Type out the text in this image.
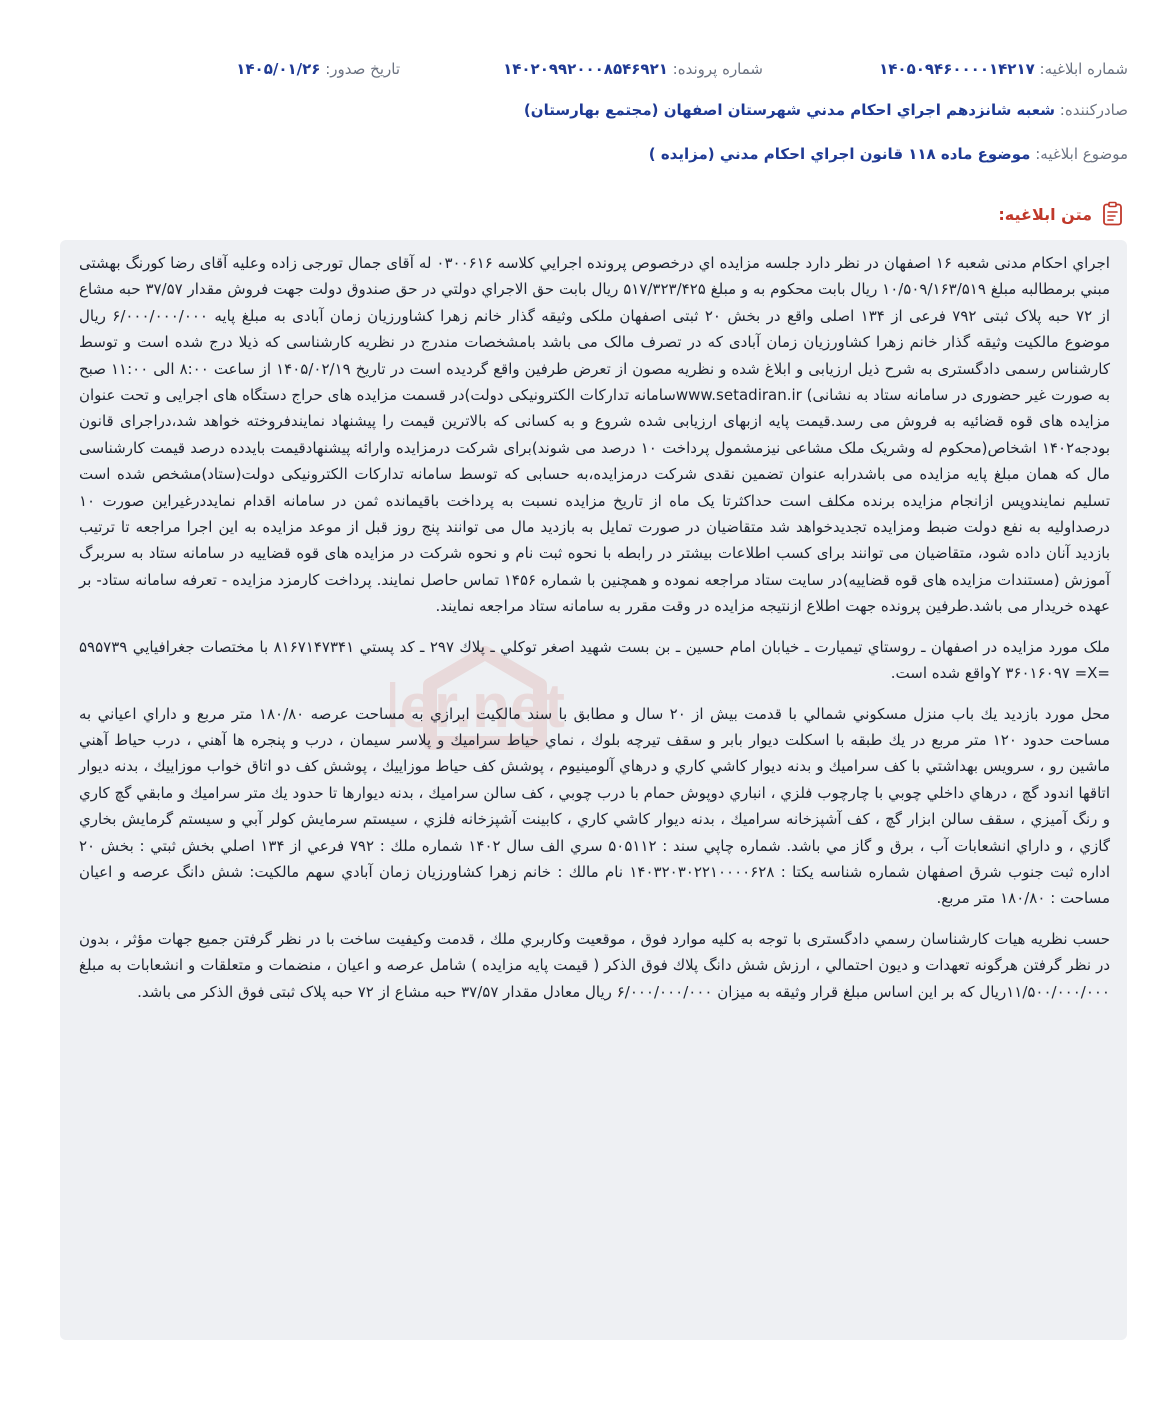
شماره ابلاغيه: ۱۴۰۵۰۹۴۶۰۰۰۰۱۴۲۱۷
شماره پرونده: ۱۴۰۲۰۹۹۲۰۰۰۸۵۴۶۹۲۱
تاريخ صدور: ۱۴۰۵/۰۱/۲۶
صادرکننده: شعبه شانزدهم اجراي احكام مدني شهرستان اصفهان (مجتمع بهارستان)
موضوع ابلاغيه: موضوع ماده ۱۱۸ قانون اجراي احكام مدني (مزايده )
متن ابلاغيه:
er.net

اجراي احكام مدنی شعبه ۱۶ اصفهان در نظر دارد جلسه مزايده اي درخصوص پرونده اجرايي كلاسه ۰۳۰۰۶۱۶ له آقای جمال تورجی زاده وعليه آقای رضا کورنگ بهشتی مبني برمطالبه مبلغ ۱۰/۵۰۹/۱۶۳/۵۱۹ ريال بابت محكوم به و مبلغ ۵۱۷/۳۲۳/۴۲۵ ريال بابت حق الاجراي دولتي در حق صندوق دولت جهت فروش مقدار ۳۷/۵۷ حبه مشاع از ۷۲ حبه پلاک ثبتی ۷۹۲ فرعی از ۱۳۴ اصلی واقع در بخش ۲۰ ثبتی اصفهان ملکی وثیقه گذار خانم زهرا کشاورزیان زمان آبادی به مبلغ پایه ۶/۰۰۰/۰۰۰/۰۰۰ ريال موضوع مالکیت وثیقه گذار خانم زهرا کشاورزیان زمان آبادی که در تصرف مالک می باشد بامشخصات مندرج در نظریه کارشناسی که ذيلا درج شده است و توسط كارشناس رسمی دادگستری به شرح ذيل ارزيابی و ابلاغ شده و نظريه مصون از تعرض طرفين واقع گرديده است در تاريخ ۱۴۰۵/۰۲/۱۹ از ساعت ۸:۰۰ الی ۱۱:۰۰ صبح به صورت غير حضوری در سامانه ستاد به نشانی) www.setadiran.irسامانه تداركات الكترونيكی دولت)در قسمت مزايده های حراج دستگاه های اجرايی و تحت عنوان مزايده های قوه قضائيه به فروش می رسد.قيمت پايه ازبهای ارزيابی شده شروع و به كسانی كه بالاترين قيمت را پيشنهاد نمايندفروخته خواهد شد،دراجرای قانون بودجه۱۴۰۲ اشخاص(محكوم له وشريک ملک مشاعی نيزمشمول پرداخت ۱۰ درصد می شوند)برای شركت درمزايده وارائه پيشنهادقيمت بايدده درصد قيمت كارشناسی مال كه همان مبلغ پايه مزايده می باشدرابه عنوان تضمين نقدی شركت درمزايده،به حسابی كه توسط سامانه تداركات الكترونيكی دولت(ستاد)مشخص شده است تسليم نمايندوپس ازانجام مزايده برنده مكلف است حداكثرتا يک ماه از تاريخ مزايده نسبت به پرداخت باقيمانده ثمن در سامانه اقدام نمايددرغيراين صورت ۱۰ درصداوليه به نفع دولت ضبط ومزايده تجديدخواهد شد متقاضيان در صورت تمايل به بازديد مال می توانند پنج روز قبل از موعد مزايده به اين اجرا مراجعه تا ترتيب بازديد آنان داده شود، متقاضيان می توانند برای كسب اطلاعات بيشتر در رابطه با نحوه ثبت نام و نحوه شركت در مزايده های قوه قضاييه در سامانه ستاد به سربرگ آموزش (مستندات مزايده های قوه قضاييه)در سايت ستاد مراجعه نموده و همچنين با شماره ۱۴۵۶ تماس حاصل نمايند. پرداخت كارمزد مزايده - تعرفه سامانه ستاد- بر عهده خريدار می باشد.طرفين پرونده جهت اطلاع ازنتيجه مزايده در وقت مقرر به سامانه ستاد مراجعه نمايند.

ملک مورد مزايده در اصفهان ـ روستاي تيميارت ـ خيابان امام حسين ـ بن بست شهيد اصغر توكلي ـ پلاك ۲۹۷ ـ كد پستي ۸۱۶۷۱۴۷۳۴۱ با مختصات جغرافيايي ۵۹۵۷۳۹ =Y ۳۶۰۱۶۰۹۷ =Xواقع شده است.

محل مورد بازديد يك باب منزل مسكوني شمالي با قدمت بيش از ۲۰ سال و مطابق با سند مالكيت ابرازي به مساحت عرصه ۱۸۰/۸۰ متر مربع و داراي اعياني به مساحت حدود ۱۲۰ متر مربع در يك طبقه با اسكلت ديوار بابر و سقف تيرچه بلوك ، نماي حياط سراميك و پلاسر سيمان ، درب و پنجره ها آهني ، درب حياط آهني ماشين رو ، سرويس بهداشتي با كف سراميك و بدنه ديوار كاشي كاري و درهاي آلومينيوم ، پوشش كف حياط موزاييك ، پوشش كف دو اتاق خواب موزاييك ، بدنه ديوار اتاقها اندود گچ ، درهاي داخلي چوبي با چارچوب فلزي ، انباري دوپوش حمام با درب چوبي ، كف سالن سراميك ، بدنه ديوارها تا حدود يك متر سراميك و مابقي گچ كاري و رنگ آميزي ، سقف سالن ابزار گچ ، كف آشپزخانه سراميك ، بدنه ديوار كاشي كاري ، كابينت آشپزخانه فلزي ، سيستم سرمايش كولر آبي و سيستم گرمايش بخاري گازي ، و داراي انشعابات آب ، برق و گاز مي باشد. شماره چاپي سند : ۵۰۵۱۱۲ سري الف سال ۱۴۰۲ شماره ملك : ۷۹۲ فرعي از ۱۳۴ اصلي بخش ثبتي : بخش ۲۰ اداره ثبت جنوب شرق اصفهان شماره شناسه يكتا : ۱۴۰۳۲۰۳۰۲۲۱۰۰۰۰۶۲۸ نام مالك : خانم زهرا كشاورزيان زمان آبادي سهم مالكيت: شش دانگ عرصه و اعيان مساحت : ۱۸۰/۸۰ متر مربع.

حسب نظريه هيات كارشناسان رسمي دادگستری با توجه به كليه موارد فوق ، موقعيت وكاربري ملك ، قدمت وكيفيت ساخت با در نظر گرفتن جميع جهات مؤثر ، بدون در نظر گرفتن هرگونه تعهدات و ديون احتمالي ، ارزش شش دانگ پلاك فوق الذكر ( قيمت پايه مزايده ) شامل عرصه و اعيان ، منضمات و متعلقات و انشعابات به مبلغ ۱۱/۵۰۰/۰۰۰/۰۰۰ريال كه بر اين اساس مبلغ قرار وثيقه به ميزان ۶/۰۰۰/۰۰۰/۰۰۰ ريال معادل مقدار ۳۷/۵۷ حبه مشاع از ۷۲ حبه پلاک ثبتی فوق الذکر می باشد.
